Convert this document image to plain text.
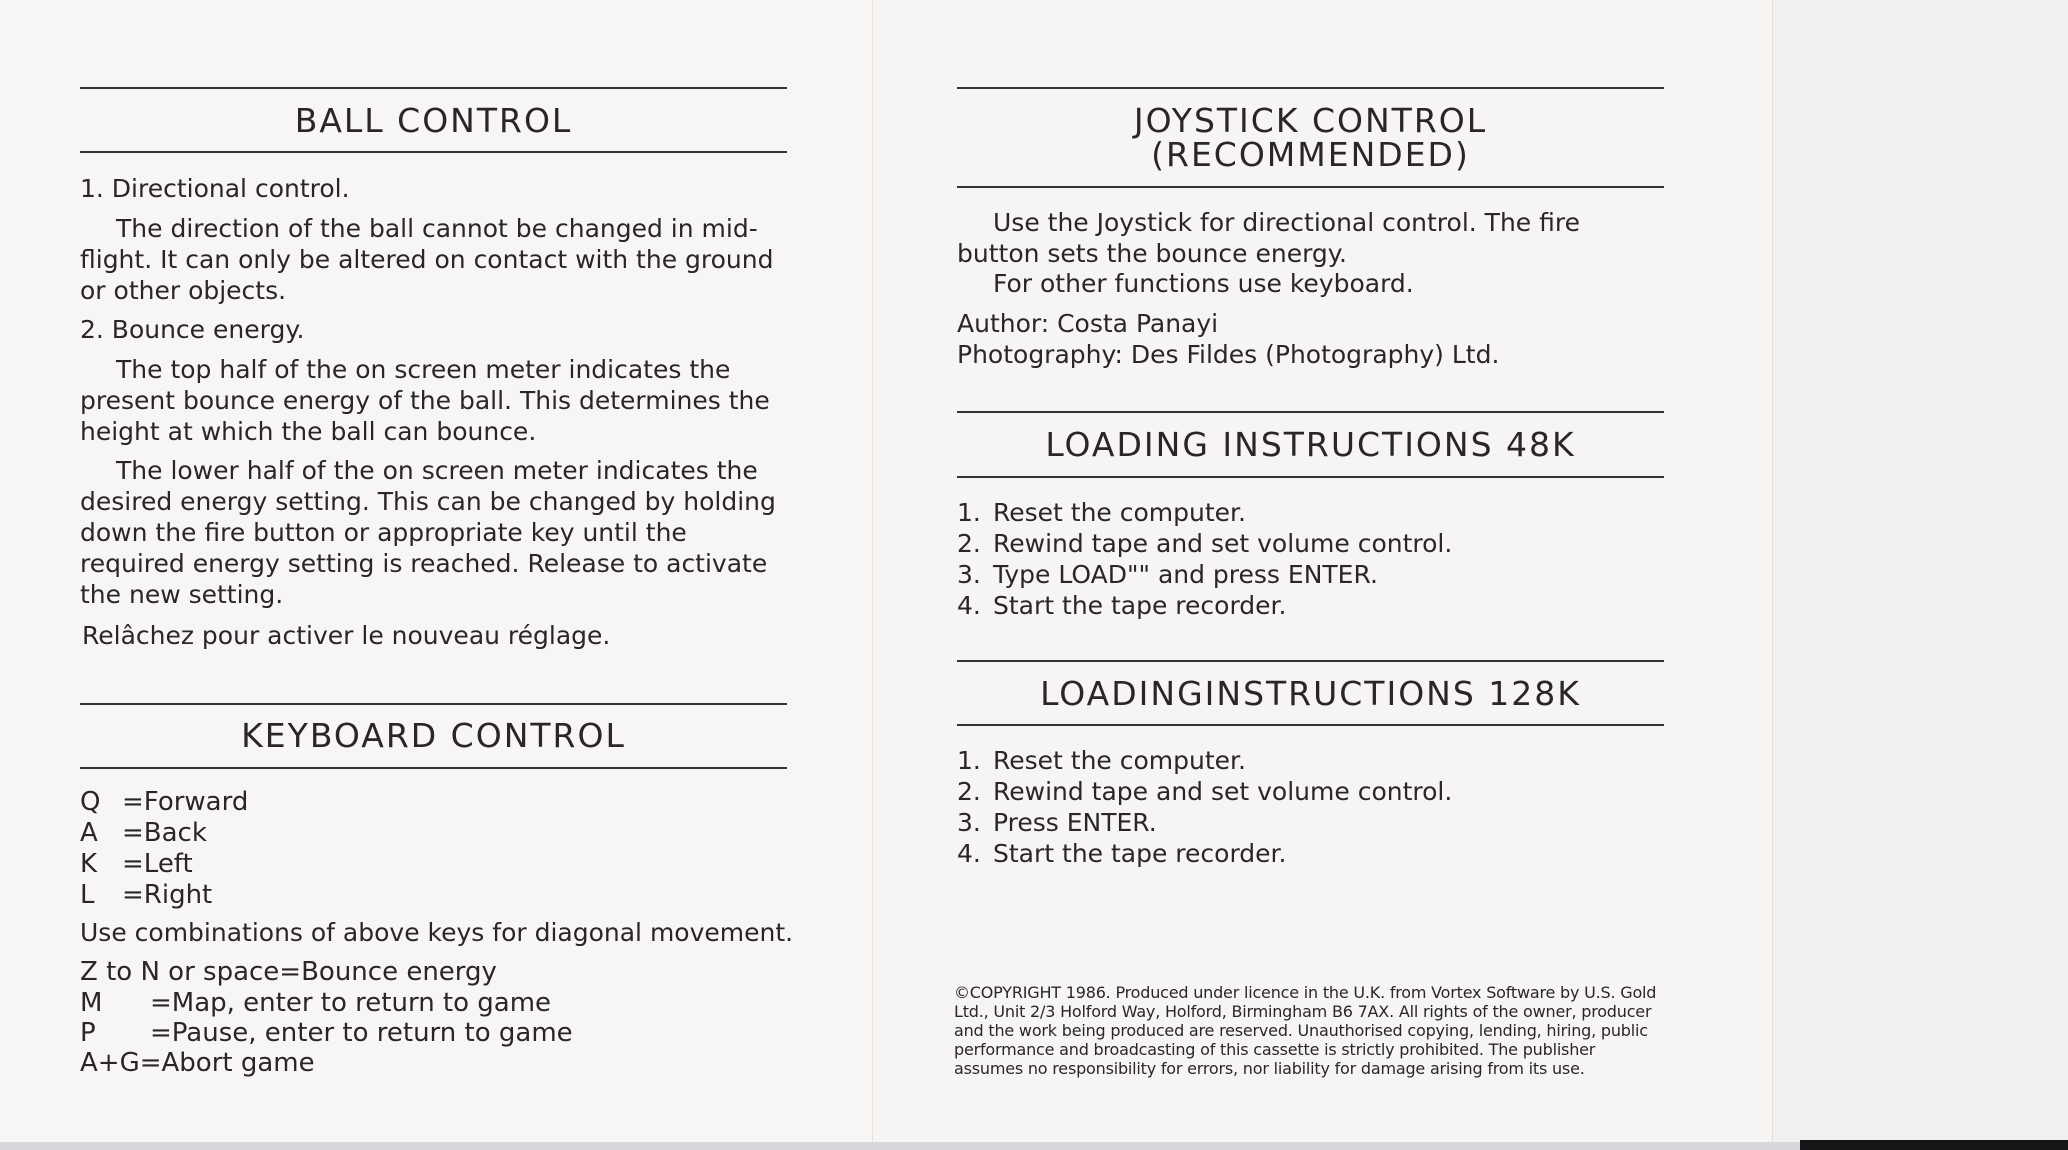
BALL CONTROL

1. Directional control.

The direction of the ball cannot be changed in mid-flight. It can only be altered on contact with the ground or other objects.

2. Bounce energy.

The top half of the on screen meter indicates the present bounce energy of the ball. This determines the height at which the ball can bounce.

The lower half of the on screen meter indicates the desired energy setting. This can be changed by holding down the fire button or appropriate key until the required energy setting is reached. Release to activate the new setting.

Relâchez pour activer le nouveau réglage.

KEYBOARD CONTROL
Q =Forward
A =Back
K =Left
L =Right

Use combinations of above keys for diagonal movement.

Z to N or space=Bounce energy
M =Map, enter to return to game
P =Pause, enter to return to game
A+G=Abort game
JOYSTICK CONTROL
(RECOMMENDED)

Use the Joystick for directional control. The fire button sets the bounce energy.

For other functions use keyboard.

Author: Costa Panayi

Photography: Des Fildes (Photography) Ltd.

LOADING INSTRUCTIONS 48K
1. Reset the computer.
2. Rewind tape and set volume control.
3. Type LOAD"" and press ENTER.
4. Start the tape recorder.
LOADINGINSTRUCTIONS 128K
1. Reset the computer.
2. Rewind tape and set volume control.
3. Press ENTER.
4. Start the tape recorder.

©COPYRIGHT 1986. Produced under licence in the U.K. from Vortex Software by U.S. Gold Ltd., Unit 2/3 Holford Way, Holford, Birmingham B6 7AX. All rights of the owner, producer and the work being produced are reserved. Unauthorised copying, lending, hiring, public performance and broadcasting of this cassette is strictly prohibited. The publisher assumes no responsibility for errors, nor liability for damage arising from its use.
